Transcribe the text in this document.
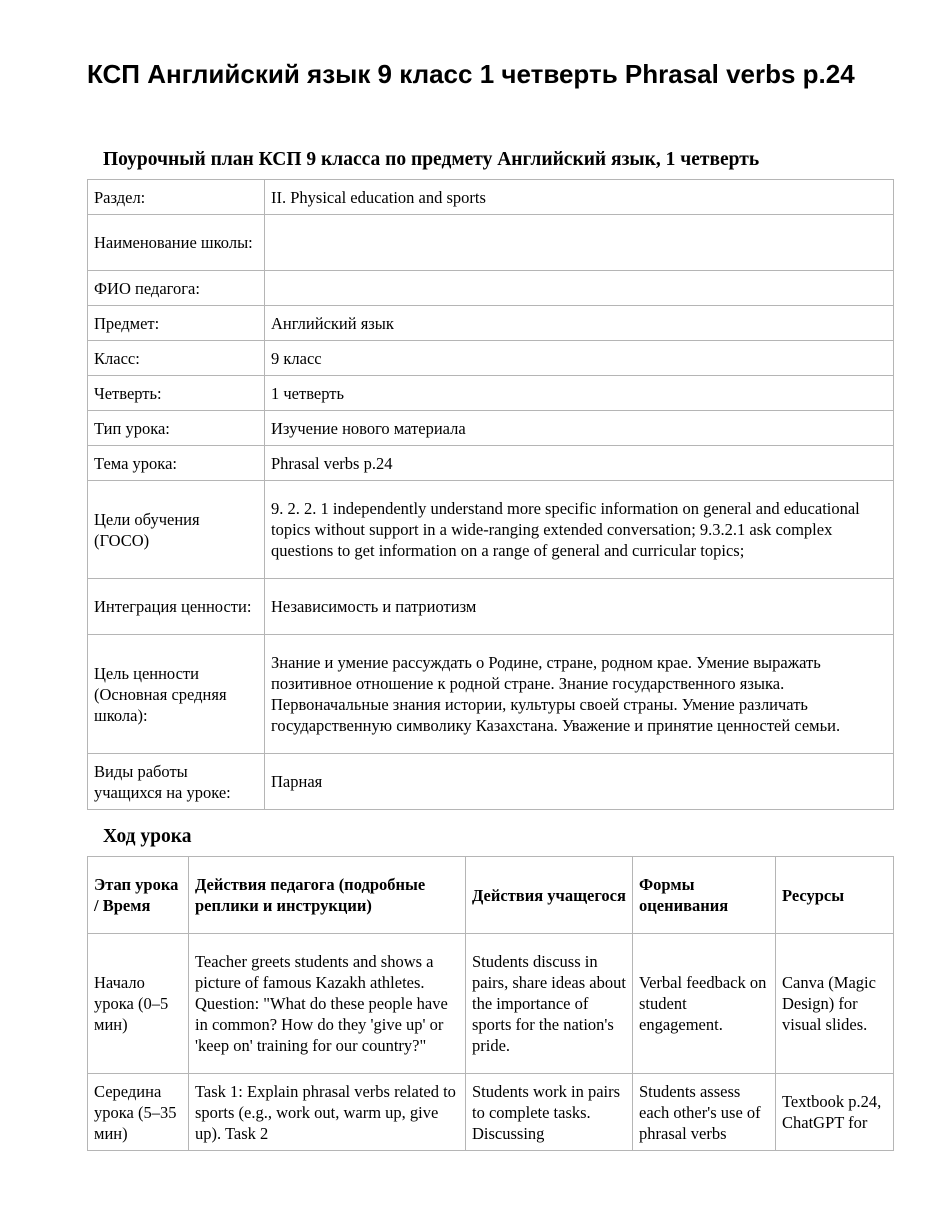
КСП Английский язык 9 класс 1 четверть Phrasal verbs p.24
Поурочный план КСП 9 класса по предмету Английский язык, 1 четверть
Раздел:	II. Physical education and sports
Наименование школы:	
ФИО педагога:	
Предмет:	Английский язык
Класс:	9 класс
Четверть:	1 четверть
Тип урока:	Изучение нового материала
Тема урока:	Phrasal verbs p.24
Цели обучения (ГОСО)	9. 2. 2. 1 independently understand more specific information on general and educational topics without support in a wide-ranging extended conversation; 9.3.2.1 ask complex questions to get information on a range of general and curricular topics;
Интеграция ценности:	Независимость и патриотизм
Цель ценности (Основная средняя школа):	Знание и умение рассуждать о Родине, стране, родном крае. Умение выражать позитивное отношение к родной стране. Знание государственного языка. Первоначальные знания истории, культуры своей страны. Умение различать государственную символику Казахстана. Уважение и принятие ценностей семьи.
Виды работы учащихся на уроке:	Парная
Ход урока
Этап урока / Время	Действия педагога (подробные реплики и инструкции)	Действия учащегося	Формы оценивания	Ресурсы
Начало урока (0–5 мин)	Teacher greets students and shows a picture of famous Kazakh athletes. Question: "What do these people have in common? How do they 'give up' or 'keep on' training for our country?"	Students discuss in pairs, share ideas about the importance of sports for the nation's pride.	Verbal feedback on student engagement.	Canva (Magic Design) for visual slides.
Середина урока (5–35 мин)	Task 1: Explain phrasal verbs related to sports (e.g., work out, warm up, give up). Task 2	Students work in pairs to complete tasks. Discussing	Students assess each other's use of phrasal verbs	Textbook p.24, ChatGPT for
